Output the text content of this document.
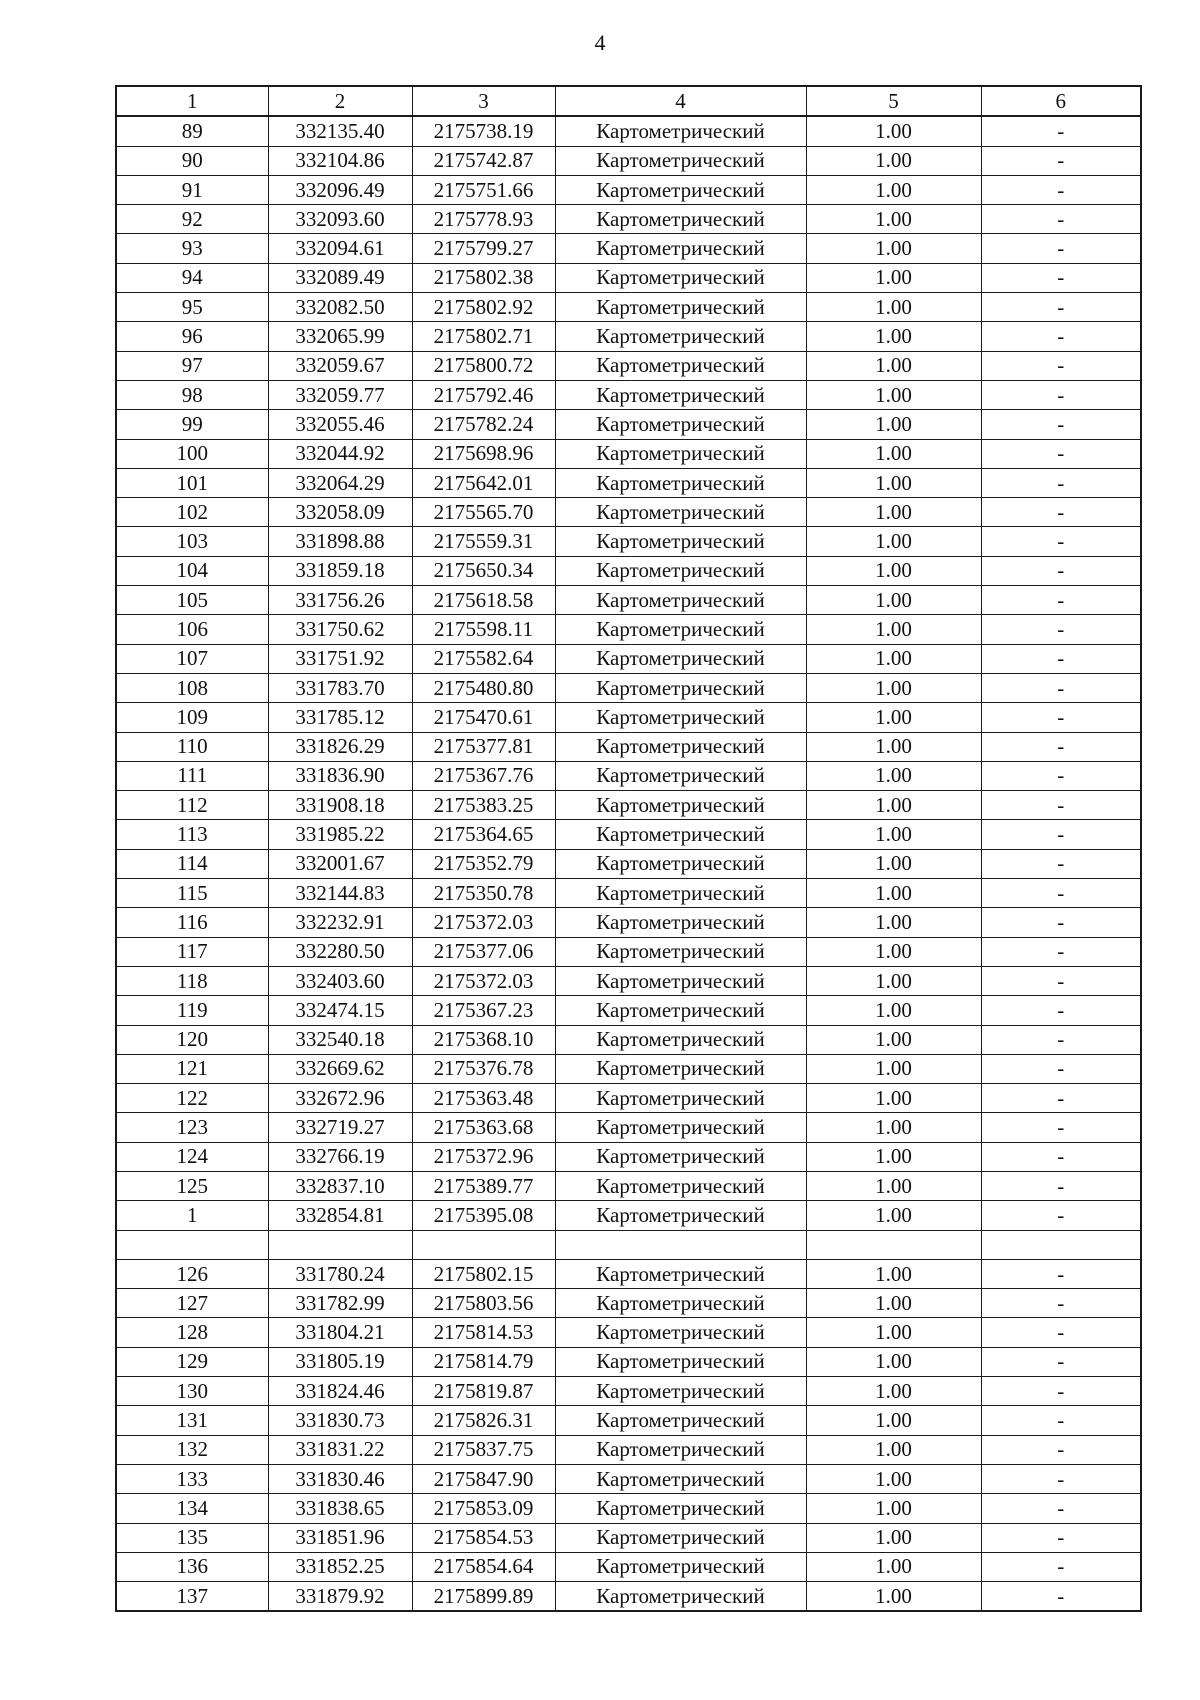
4
1	2	3	4	5	6
89	332135.40	2175738.19	Картометрический	1.00	-
90	332104.86	2175742.87	Картометрический	1.00	-
91	332096.49	2175751.66	Картометрический	1.00	-
92	332093.60	2175778.93	Картометрический	1.00	-
93	332094.61	2175799.27	Картометрический	1.00	-
94	332089.49	2175802.38	Картометрический	1.00	-
95	332082.50	2175802.92	Картометрический	1.00	-
96	332065.99	2175802.71	Картометрический	1.00	-
97	332059.67	2175800.72	Картометрический	1.00	-
98	332059.77	2175792.46	Картометрический	1.00	-
99	332055.46	2175782.24	Картометрический	1.00	-
100	332044.92	2175698.96	Картометрический	1.00	-
101	332064.29	2175642.01	Картометрический	1.00	-
102	332058.09	2175565.70	Картометрический	1.00	-
103	331898.88	2175559.31	Картометрический	1.00	-
104	331859.18	2175650.34	Картометрический	1.00	-
105	331756.26	2175618.58	Картометрический	1.00	-
106	331750.62	2175598.11	Картометрический	1.00	-
107	331751.92	2175582.64	Картометрический	1.00	-
108	331783.70	2175480.80	Картометрический	1.00	-
109	331785.12	2175470.61	Картометрический	1.00	-
110	331826.29	2175377.81	Картометрический	1.00	-
111	331836.90	2175367.76	Картометрический	1.00	-
112	331908.18	2175383.25	Картометрический	1.00	-
113	331985.22	2175364.65	Картометрический	1.00	-
114	332001.67	2175352.79	Картометрический	1.00	-
115	332144.83	2175350.78	Картометрический	1.00	-
116	332232.91	2175372.03	Картометрический	1.00	-
117	332280.50	2175377.06	Картометрический	1.00	-
118	332403.60	2175372.03	Картометрический	1.00	-
119	332474.15	2175367.23	Картометрический	1.00	-
120	332540.18	2175368.10	Картометрический	1.00	-
121	332669.62	2175376.78	Картометрический	1.00	-
122	332672.96	2175363.48	Картометрический	1.00	-
123	332719.27	2175363.68	Картометрический	1.00	-
124	332766.19	2175372.96	Картометрический	1.00	-
125	332837.10	2175389.77	Картометрический	1.00	-
1	332854.81	2175395.08	Картометрический	1.00	-

126	331780.24	2175802.15	Картометрический	1.00	-
127	331782.99	2175803.56	Картометрический	1.00	-
128	331804.21	2175814.53	Картометрический	1.00	-
129	331805.19	2175814.79	Картометрический	1.00	-
130	331824.46	2175819.87	Картометрический	1.00	-
131	331830.73	2175826.31	Картометрический	1.00	-
132	331831.22	2175837.75	Картометрический	1.00	-
133	331830.46	2175847.90	Картометрический	1.00	-
134	331838.65	2175853.09	Картометрический	1.00	-
135	331851.96	2175854.53	Картометрический	1.00	-
136	331852.25	2175854.64	Картометрический	1.00	-
137	331879.92	2175899.89	Картометрический	1.00	-
